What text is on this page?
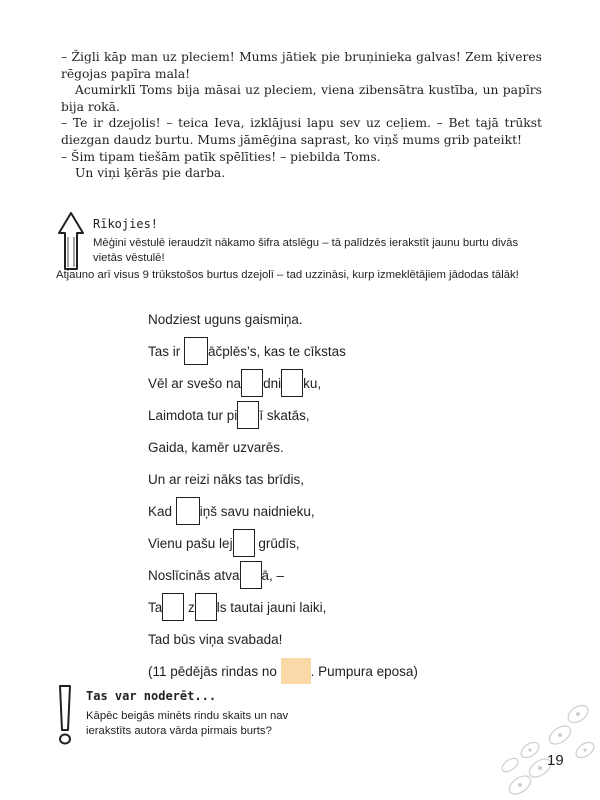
– Žigli kāp man uz pleciem! Mums jātiek pie bruņinieka galvas! Zem ķiveres rēgojas papīra mala!

Acumirklī Toms bija māsai uz pleciem, viena zibensātra kustība, un papīrs bija rokā.

– Te ir dzejolis! – teica Ieva, izklājusi lapu sev uz ceļiem. – Bet tajā trūkst diezgan daudz burtu. Mums jāmēģina saprast, ko viņš mums grib pateikt!

– Šim tipam tiešām patīk spēlīties! – piebilda Toms.

Un viņi ķērās pie darba.

Rīkojies!
Mēģini vēstulē ieraudzīt nākamo šifra atslēgu – tā palīdzēs ierakstīt jaunu burtu divās vietās vēstulē!
Atjauno arī visus 9 trūkstošos burtus dzejolī – tad uzzināsi, kurp izmeklētājiem jādodas tālāk!
Nodziest uguns gaismiņa.
Tas ir āčplēs’s, kas te cīkstas
Vēl ar svešo na dni ku,
Laimdota tur pi ī skatās,
Gaida, kamēr uzvarēs.
Un ar reizi nāks tas brīdis,
Kad iņš savu naidnieku,
Vienu pašu lej grūdīs,
Noslīcinās atva ā, –
Ta z ls tautai jauni laiki,
Tad būs viņa svabada!
(11 pēdējās rindas no . Pumpura eposa)
Tas var noderēt...
Kāpēc beigās minēts rindu skaits un nav ierakstīts autora vārda pirmais burts?
19
